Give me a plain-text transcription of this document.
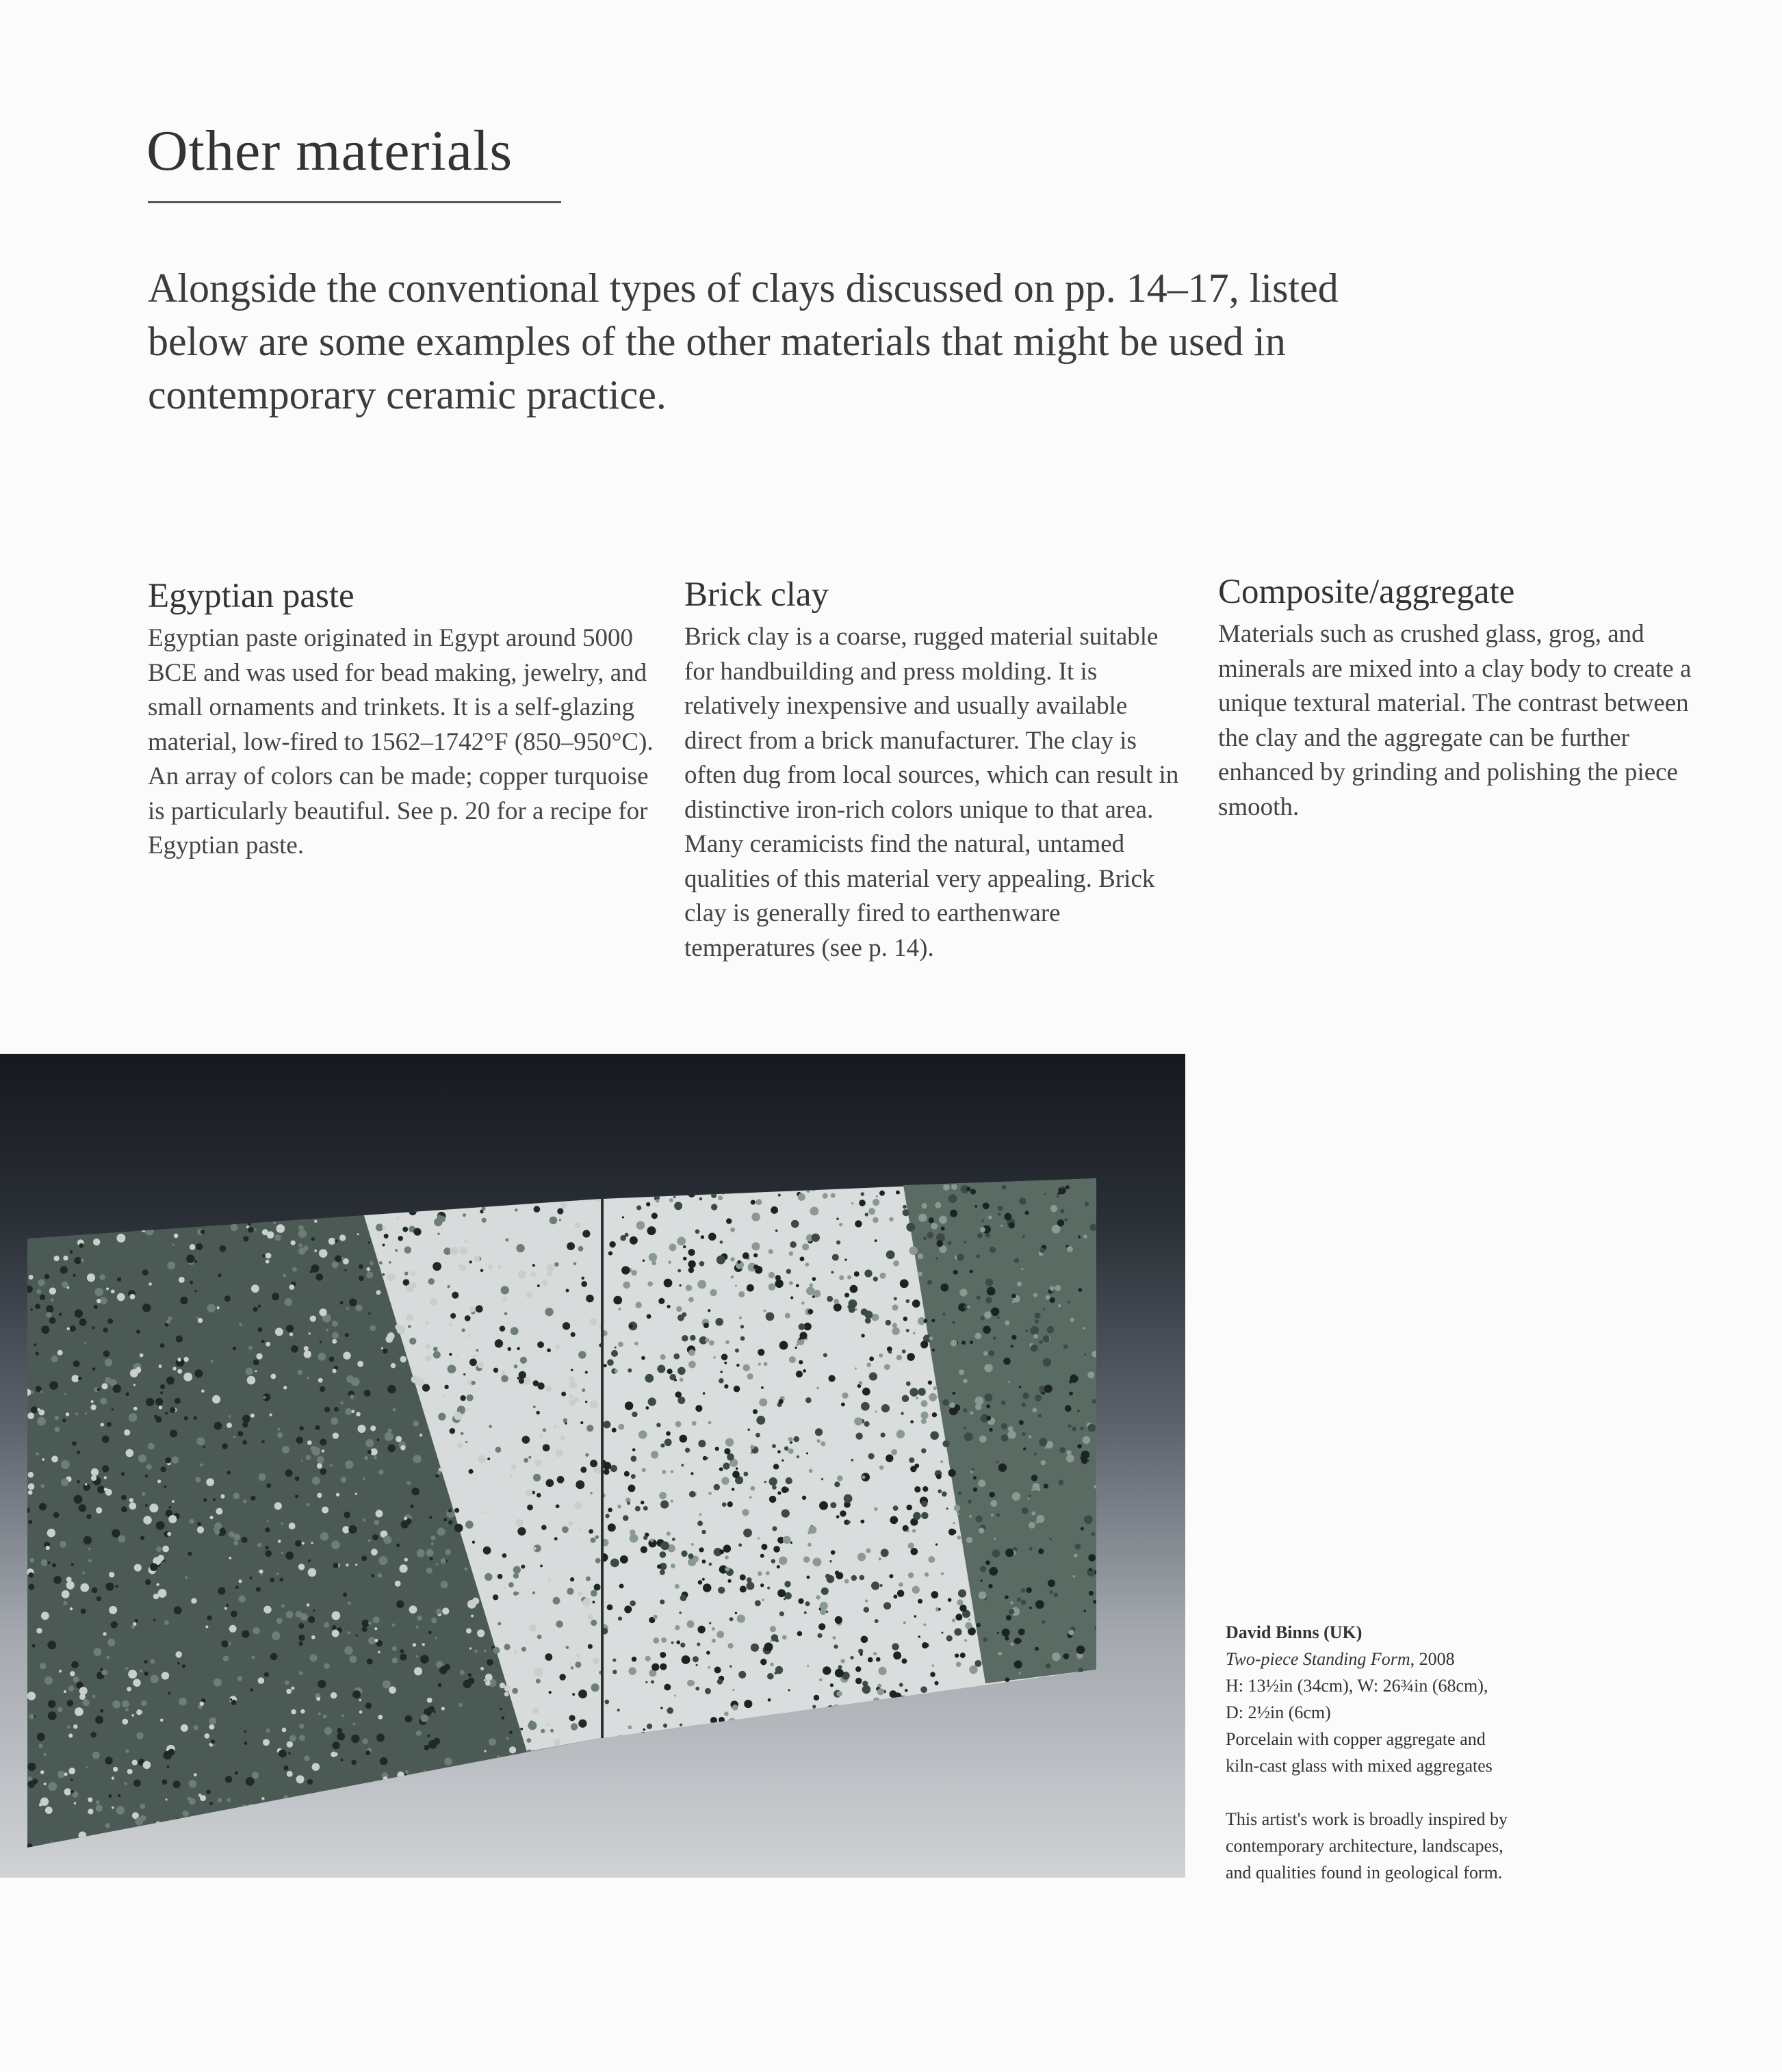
Other materials

Alongside the conventional types of clays discussed on pp. 14–17, listed below are some examples of the other materials that might be used in contemporary ceramic practice.

Egyptian paste

Egyptian paste originated in Egypt around 5000 BCE and was used for bead making, jewelry, and small ornaments and trinkets. It is a self-glazing material, low-fired to 1562–1742°F (850–950°C). An array of colors can be made; copper turquoise is particularly beautiful. See p. 20 for a recipe for Egyptian paste.

Brick clay

Brick clay is a coarse, rugged material suitable for handbuilding and press molding. It is relatively inexpensive and usually available direct from a brick manufacturer. The clay is often dug from local sources, which can result in distinctive iron-rich colors unique to that area. Many ceramicists find the natural, untamed qualities of this material very appealing. Brick clay is generally fired to earthenware temperatures (see p. 14).

Composite/aggregate

Materials such as crushed glass, grog, and minerals are mixed into a clay body to create a unique textural material. The contrast between the clay and the aggregate can be further enhanced by grinding and polishing the piece smooth.

David Binns (UK)
Two-piece Standing Form, 2008
H: 13½in (34cm), W: 26¾in (68cm),
D: 2½in (6cm)
Porcelain with copper aggregate and
kiln-cast glass with mixed aggregates
This artist's work is broadly inspired by
contemporary architecture, landscapes,
and qualities found in geological form.
